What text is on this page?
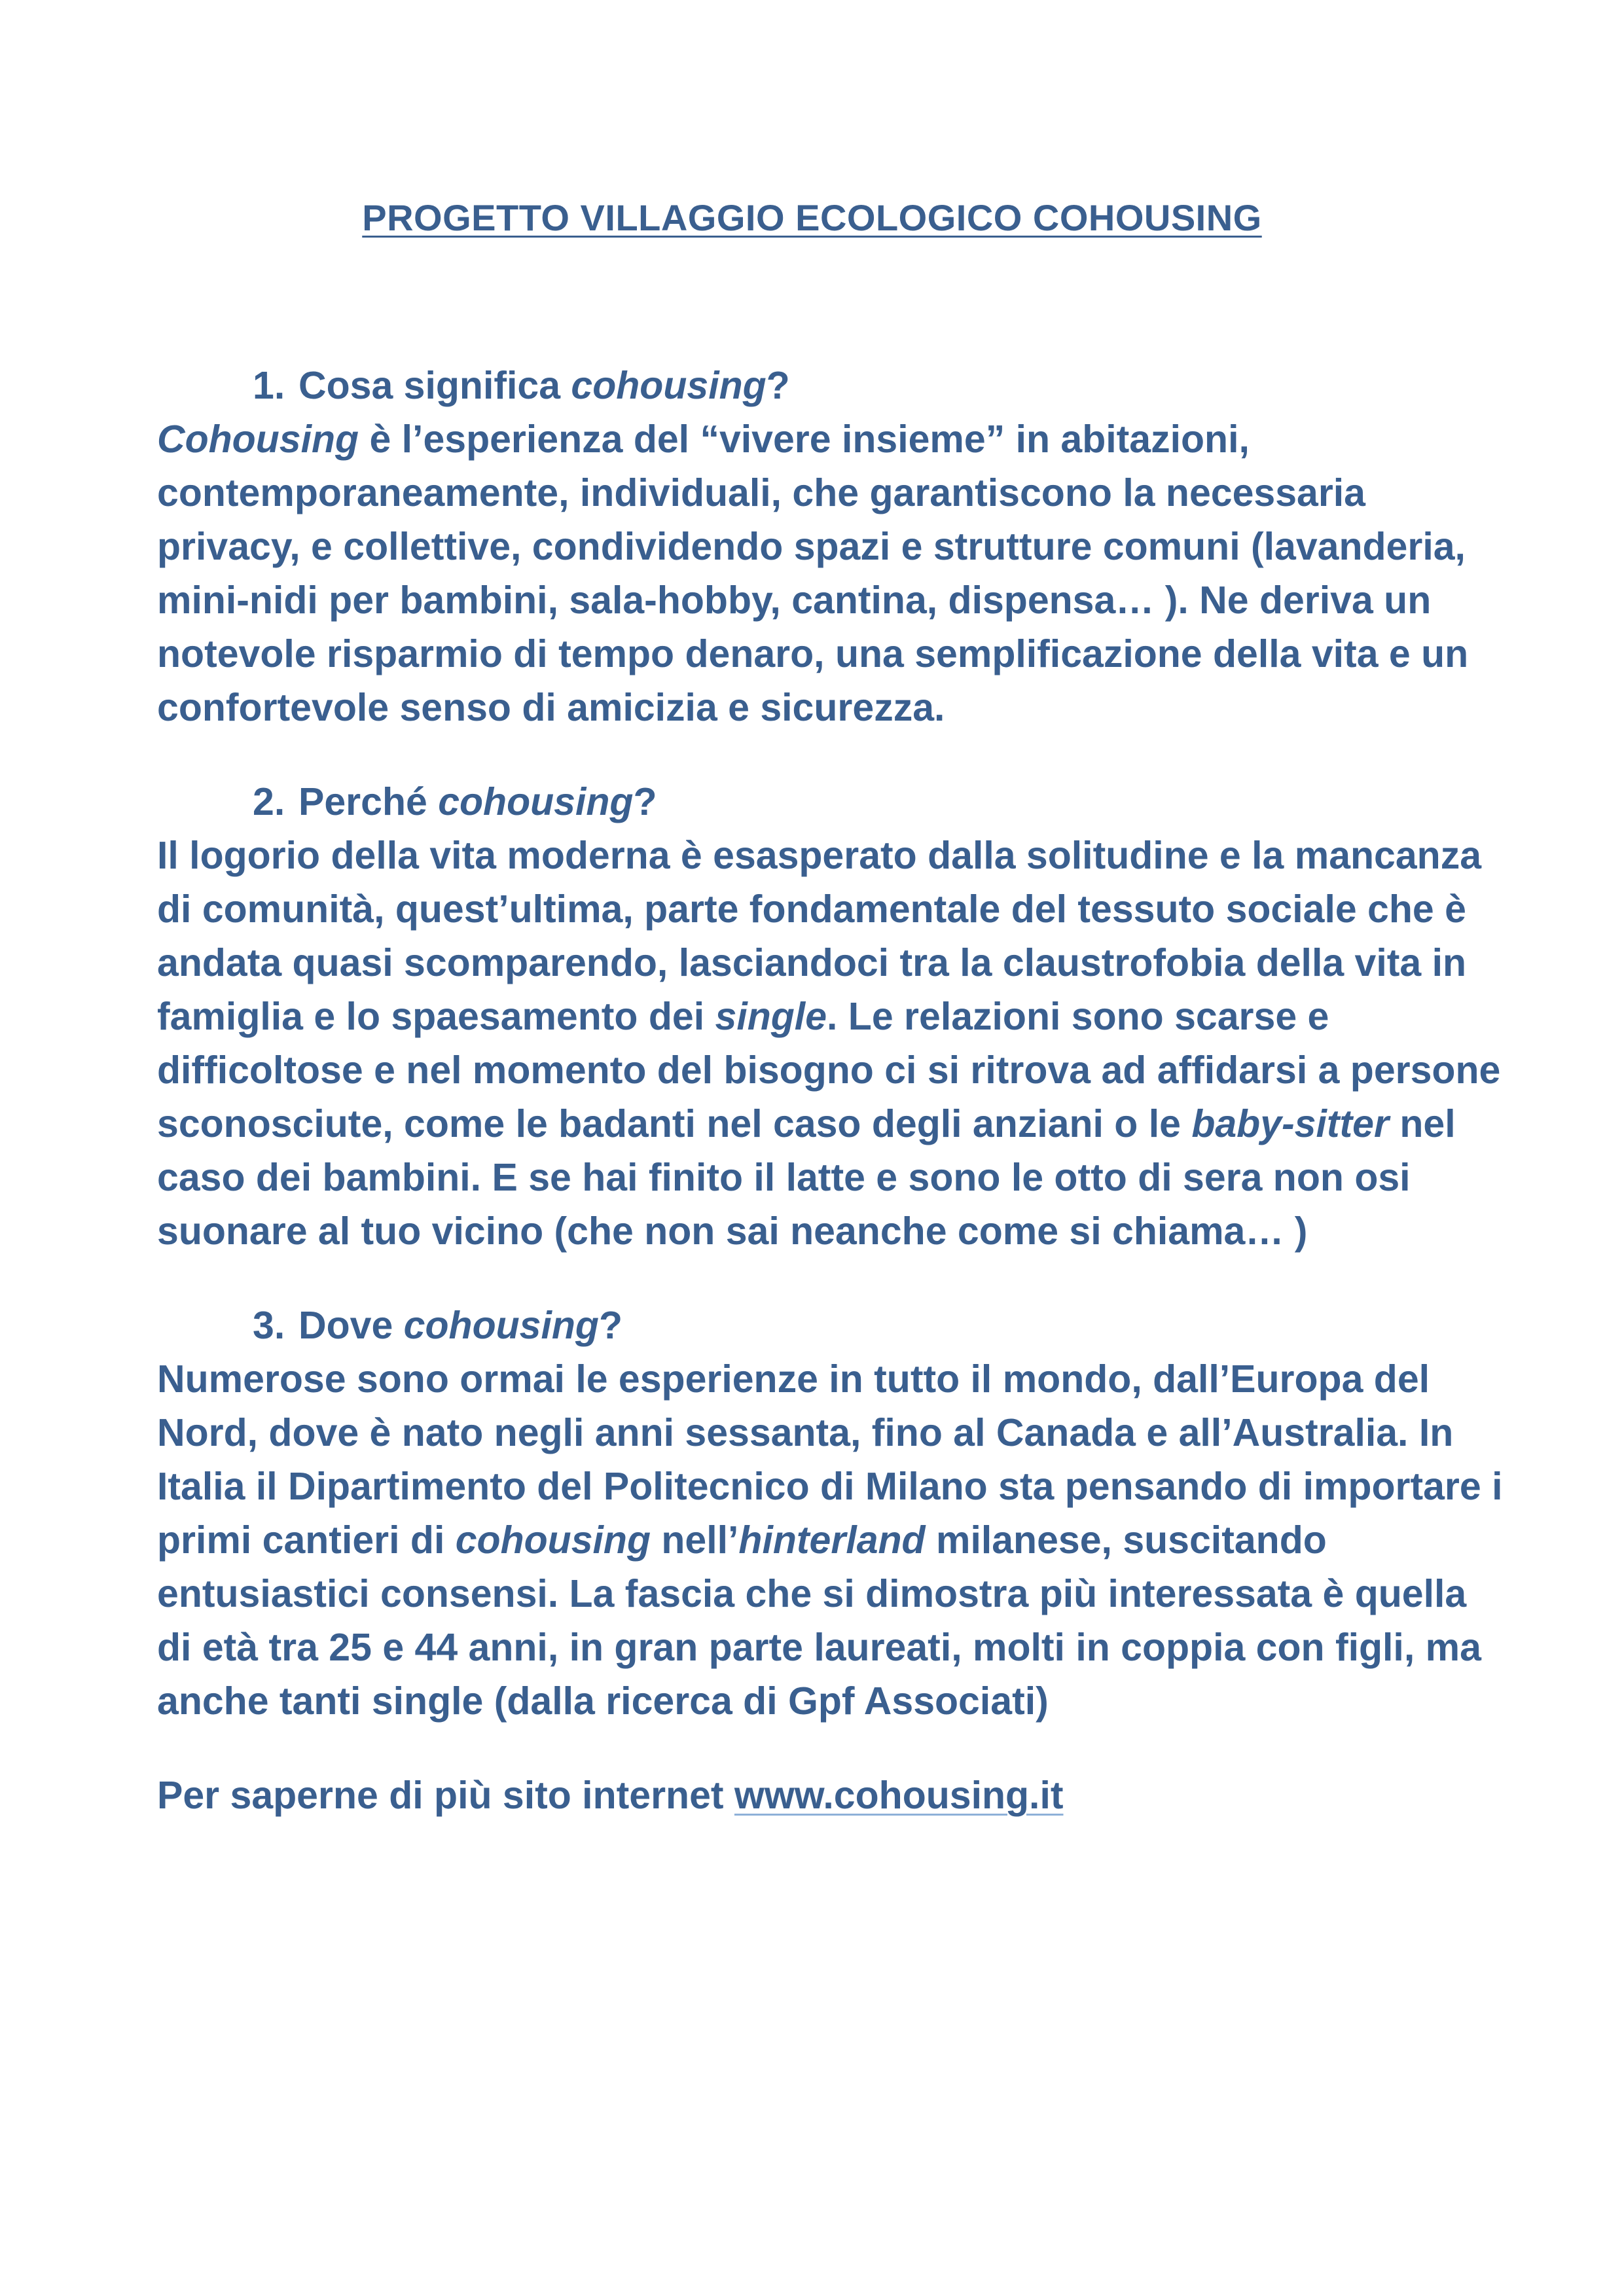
PROGETTO VILLAGGIO ECOLOGICO COHOUSING
1. Cosa significa cohousing?

Cohousing è l’esperienza del “vivere insieme” in abitazioni, contemporaneamente, individuali, che garantiscono la necessaria privacy, e collettive, condividendo spazi e strutture comuni (lavanderia, mini-nidi per bambini, sala-hobby, cantina, dispensa… ). Ne deriva un notevole risparmio di tempo denaro, una semplificazione della vita e un confortevole senso di amicizia e sicurezza.

2. Perché cohousing?

Il logorio della vita moderna è esasperato dalla solitudine e la mancanza di comunità, quest’ultima, parte fondamentale del tessuto sociale che è andata quasi scomparendo, lasciandoci tra la claustrofobia della vita in famiglia e lo spaesamento dei single. Le relazioni sono scarse e difficoltose e nel momento del bisogno ci si ritrova ad affidarsi a persone sconosciute, come le badanti nel caso degli anziani o le baby-sitter nel caso dei bambini. E se hai finito il latte e sono le otto di sera non osi suonare al tuo vicino (che non sai neanche come si chiama… )

3. Dove cohousing?

Numerose sono ormai le esperienze in tutto il mondo, dall’Europa del Nord, dove è nato negli anni sessanta, fino al Canada e all’Australia. In Italia il Dipartimento del Politecnico di Milano sta pensando di importare i primi cantieri di cohousing nell’hinterland milanese, suscitando entusiastici consensi. La fascia che si dimostra più interessata è quella di età tra 25 e 44 anni, in gran parte laureati, molti in coppia con figli, ma anche tanti single (dalla ricerca di Gpf Associati)

Per saperne di più sito internet www.cohousing.it
